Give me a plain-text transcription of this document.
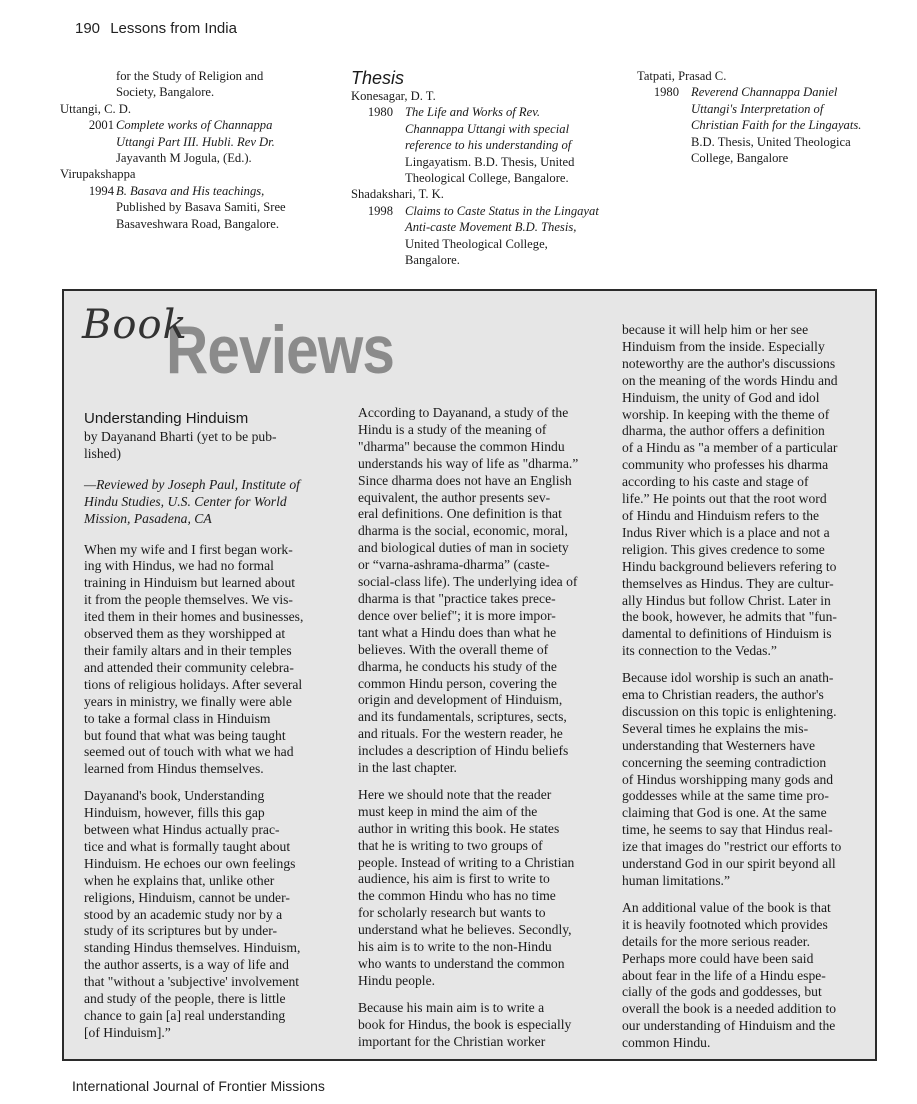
190 Lessons from India
for the Study of Religion and
Society, Bangalore.
Uttangi, C. D.
2001 Complete works of Channappa
Uttangi Part III. Hubli. Rev Dr.
Jayavanth M Jogula, (Ed.).
Virupakshappa
1994 B. Basava and His teachings,
Published by Basava Samiti, Sree
Basaveshwara Road, Bangalore.
Thesis
Konesagar, D. T.
1980 The Life and Works of Rev.
Channappa Uttangi with special
reference to his understanding of
Lingayatism. B.D. Thesis, United
Theological College, Bangalore.
Shadakshari, T. K.
1998 Claims to Caste Status in the Lingayat
Anti-caste Movement B.D. Thesis,
United Theological College,
Bangalore.
Tatpati, Prasad C.
1980 Reverend Channappa Daniel
Uttangi's Interpretation of
Christian Faith for the Lingayats.
B.D. Thesis, United Theologica
College, Bangalore
Reviews
Book
Understanding Hinduism
by Dayanand Bharti (yet to be pub-
lished)
—Reviewed by Joseph Paul, Institute of
Hindu Studies, U.S. Center for World
Mission, Pasadena, CA

When my wife and I first began work-
ing with Hindus, we had no formal
training in Hinduism but learned about
it from the people themselves. We vis-
ited them in their homes and businesses,
observed them as they worshipped at
their family altars and in their temples
and attended their community celebra-
tions of religious holidays. After several
years in ministry, we finally were able
to take a formal class in Hinduism
but found that what was being taught
seemed out of touch with what we had
learned from Hindus themselves.

Dayanand's book, Understanding
Hinduism, however, fills this gap
between what Hindus actually prac-
tice and what is formally taught about
Hinduism. He echoes our own feelings
when he explains that, unlike other
religions, Hinduism, cannot be under-
stood by an academic study nor by a
study of its scriptures but by under-
standing Hindus themselves. Hinduism,
the author asserts, is a way of life and
that "without a 'subjective' involvement
and study of the people, there is little
chance to gain [a] real understanding
[of Hinduism].”

According to Dayanand, a study of the
Hindu is a study of the meaning of
"dharma" because the common Hindu
understands his way of life as "dharma.”
Since dharma does not have an English
equivalent, the author presents sev-
eral definitions. One definition is that
dharma is the social, economic, moral,
and biological duties of man in society
or “varna-ashrama-dharma” (caste-
social-class life). The underlying idea of
dharma is that "practice takes prece-
dence over belief"; it is more impor-
tant what a Hindu does than what he
believes. With the overall theme of
dharma, he conducts his study of the
common Hindu person, covering the
origin and development of Hinduism,
and its fundamentals, scriptures, sects,
and rituals. For the western reader, he
includes a description of Hindu beliefs
in the last chapter.

Here we should note that the reader
must keep in mind the aim of the
author in writing this book. He states
that he is writing to two groups of
people. Instead of writing to a Christian
audience, his aim is first to write to
the common Hindu who has no time
for scholarly research but wants to
understand what he believes. Secondly,
his aim is to write to the non-Hindu
who wants to understand the common
Hindu people.

Because his main aim is to write a
book for Hindus, the book is especially
important for the Christian worker

because it will help him or her see
Hinduism from the inside. Especially
noteworthy are the author's discussions
on the meaning of the words Hindu and
Hinduism, the unity of God and idol
worship. In keeping with the theme of
dharma, the author offers a definition
of a Hindu as "a member of a particular
community who professes his dharma
according to his caste and stage of
life.” He points out that the root word
of Hindu and Hinduism refers to the
Indus River which is a place and not a
religion. This gives credence to some
Hindu background believers refering to
themselves as Hindus. They are cultur-
ally Hindus but follow Christ. Later in
the book, however, he admits that "fun-
damental to definitions of Hinduism is
its connection to the Vedas.”

Because idol worship is such an anath-
ema to Christian readers, the author's
discussion on this topic is enlightening.
Several times he explains the mis-
understanding that Westerners have
concerning the seeming contradiction
of Hindus worshipping many gods and
goddesses while at the same time pro-
claiming that God is one. At the same
time, he seems to say that Hindus real-
ize that images do "restrict our efforts to
understand God in our spirit beyond all
human limitations.”

An additional value of the book is that
it is heavily footnoted which provides
details for the more serious reader.
Perhaps more could have been said
about fear in the life of a Hindu espe-
cially of the gods and goddesses, but
overall the book is a needed addition to
our understanding of Hinduism and the
common Hindu.

International Journal of Frontier Missions
